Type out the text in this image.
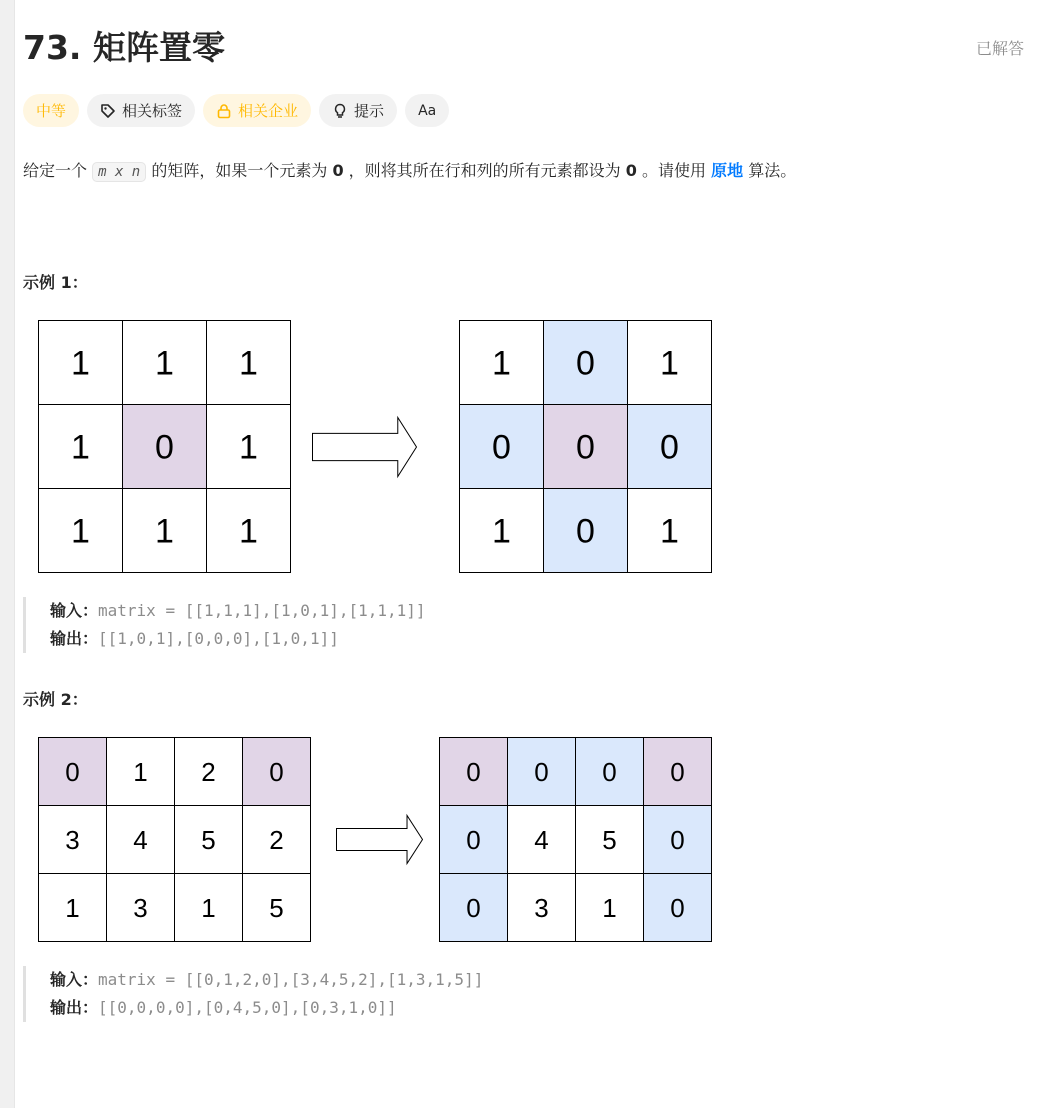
73. 矩阵置零	已解答
中等	相关标签	相关企业	提示 Aa
给定一个 m x n 的矩阵，如果一个元素为 0 ，则将其所在行和列的所有元素都设为 0 。请使用 原地 算法。
示例 1：
1 1 1
1 0 1
1 1 1
1 0 1
0 0 0
1 0 1
输入：matrix = [[1,1,1],[1,0,1],[1,1,1]]
输出：[[1,0,1],[0,0,0],[1,0,1]]
示例 2：
0 1 2 0
3 4 5 2
1 3 1 5
0 0 0 0
0 4 5 0
0 3 1 0
输入：matrix = [[0,1,2,0],[3,4,5,2],[1,3,1,5]]
输出：[[0,0,0,0],[0,4,5,0],[0,3,1,0]]
